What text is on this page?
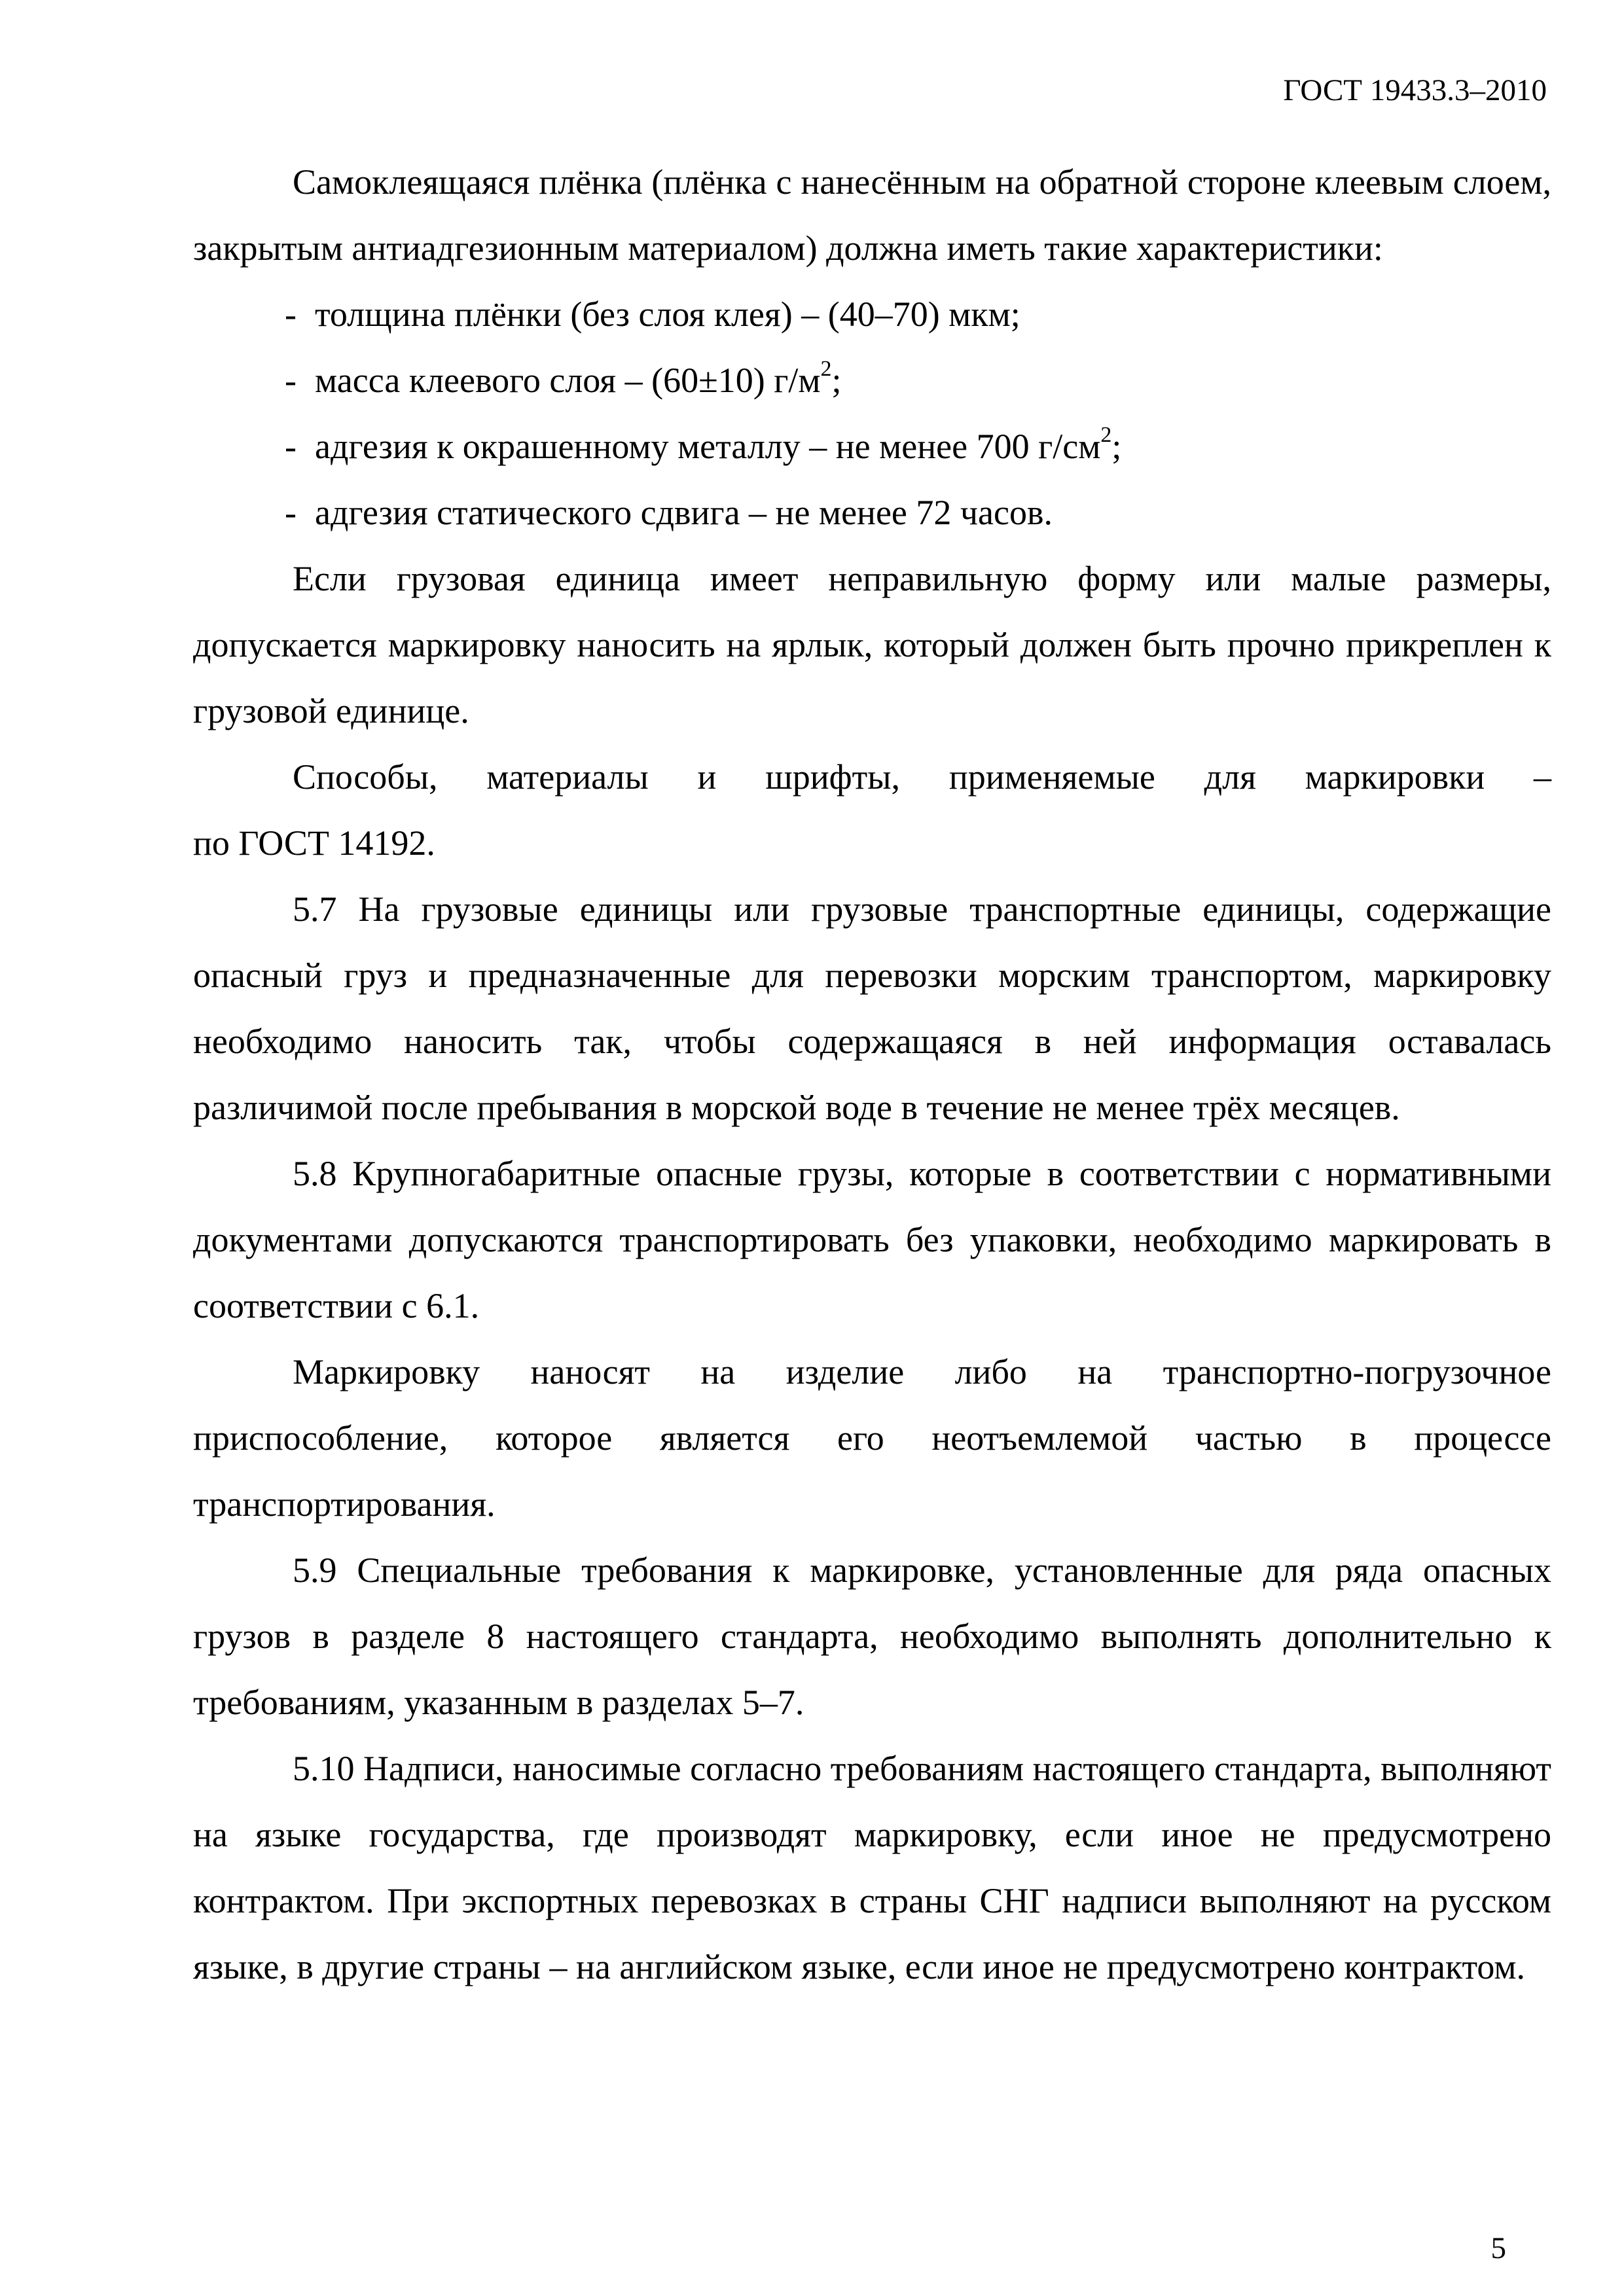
ГОСТ 19433.3–2010

Самоклеящаяся плёнка (плёнка с нанесённым на обратной стороне клеевым слоем, закрытым антиадгезионным материалом) должна иметь такие характеристики:

- толщина плёнки (без слоя клея) – (40–70) мкм;

- масса клеевого слоя – (60±10) $г/м^2$;

- адгезия к окрашенному металлу – не менее 700 $г/см^2$;

- адгезия статического сдвига – не менее 72 часов.

Если грузовая единица имеет неправильную форму или малые размеры, допускается маркировку наносить на ярлык, который должен быть прочно прикреплен к грузовой единице.

Способы, материалы и шрифты, применяемые для маркировки –

по ГОСТ 14192.

5.7 На грузовые единицы или грузовые транспортные единицы, содержащие опасный груз и предназначенные для перевозки морским транспортом, маркировку необходимо наносить так, чтобы содержащаяся в ней информация оставалась различимой после пребывания в морской воде в течение не менее трёх месяцев.

5.8 Крупногабаритные опасные грузы, которые в соответствии с нормативными документами допускаются транспортировать без упаковки, необходимо маркировать в соответствии с 6.1.

Маркировку наносят на изделие либо на транспортно-погрузочное приспособление, которое является его неотъемлемой частью в процессе транспортирования.

5.9 Специальные требования к маркировке, установленные для ряда опасных грузов в разделе 8 настоящего стандарта, необходимо выполнять дополнительно к требованиям, указанным в разделах 5–7.

5.10 Надписи, наносимые согласно требованиям настоящего стандарта, выполняют на языке государства, где производят маркировку, если иное не предусмотрено контрактом. При экспортных перевозках в страны СНГ надписи выполняют на русском языке, в другие страны – на английском языке, если иное не предусмотрено контрактом.

5
